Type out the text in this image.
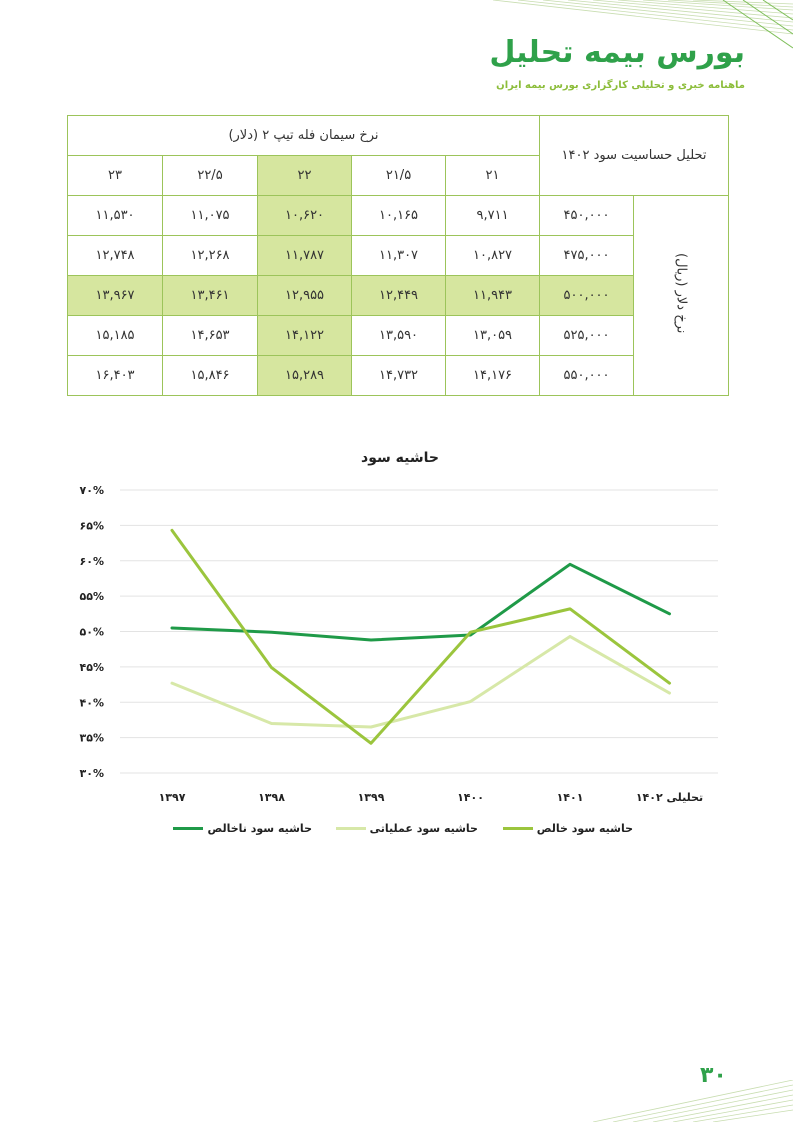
بورس بیمه تحلیل
ماهنامه خبری و تحلیلی کارگزاری بورس بیمه ایران
تحلیل حساسیت سود ۱۴۰۲		نرخ سیمان فله تیپ ۲ (دلار)				
		۲۱	۲۱/۵	۲۲	۲۲/۵	۲۳
نرخ دلار (ریال)	۴۵۰,۰۰۰	۹,۷۱۱	۱۰,۱۶۵	۱۰,۶۲۰	۱۱,۰۷۵	۱۱,۵۳۰
	۴۷۵,۰۰۰	۱۰,۸۲۷	۱۱,۳۰۷	۱۱,۷۸۷	۱۲,۲۶۸	۱۲,۷۴۸
	۵۰۰,۰۰۰	۱۱,۹۴۳	۱۲,۴۴۹	۱۲,۹۵۵	۱۳,۴۶۱	۱۳,۹۶۷
	۵۲۵,۰۰۰	۱۳,۰۵۹	۱۳,۵۹۰	۱۴,۱۲۲	۱۴,۶۵۳	۱۵,۱۸۵
	۵۵۰,۰۰۰	۱۴,۱۷۶	۱۴,۷۳۲	۱۵,۲۸۹	۱۵,۸۴۶	۱۶,۴۰۳
حاشیه سود
۳۰%
۳۵%
۴۰%
۴۵%
۵۰%
۵۵%
۶۰%
۶۵%
۷۰%
۱۳۹۷	۱۳۹۸	۱۳۹۹	۱۴۰۰	۱۴۰۱	تحلیلی ۱۴۰۲
حاشیه سود ناخالص	حاشیه سود عملیاتی	حاشیه سود خالص
۳۰
